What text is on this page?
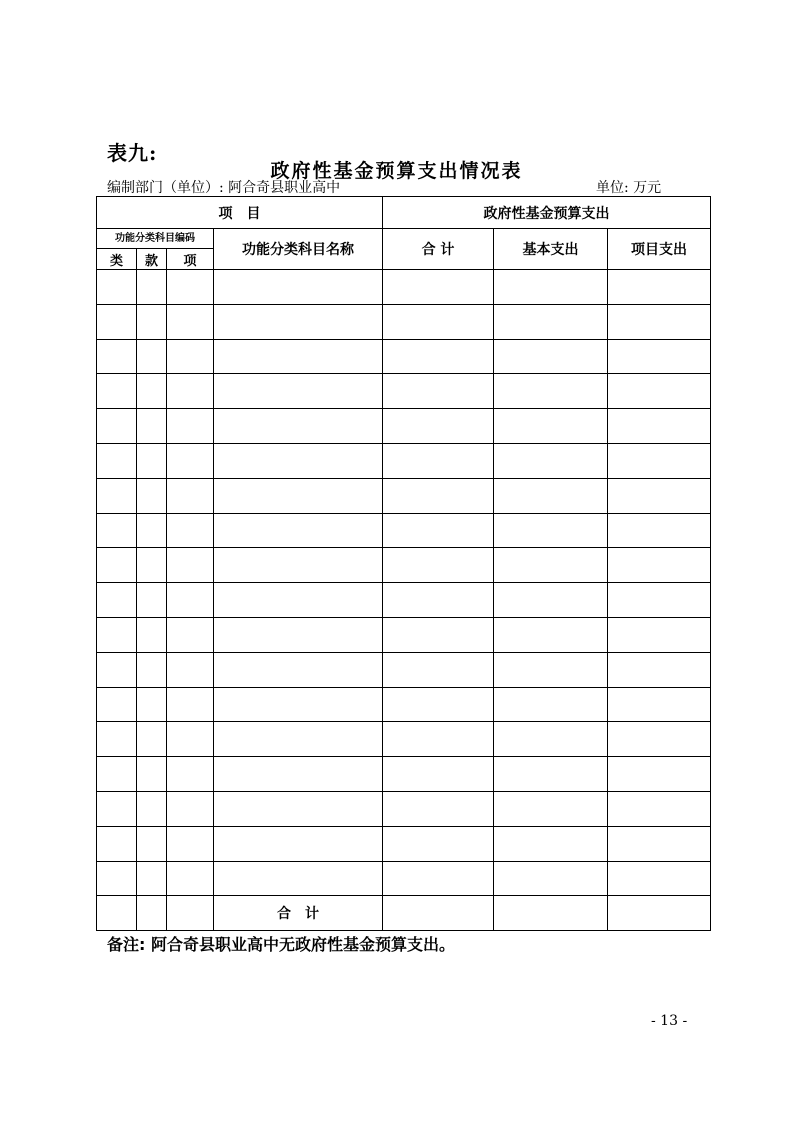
表九:
政府性基金预算支出情况表
编制部门（单位）: 阿合奇县职业高中	单位: 万元
项　目				政府性基金预算支出		
功能分类科目编码			功能分类科目名称	合 计	基本支出	项目支出
类	款	项				

			合　计			
备注: 阿合奇县职业高中无政府性基金预算支出。
- 13 -
